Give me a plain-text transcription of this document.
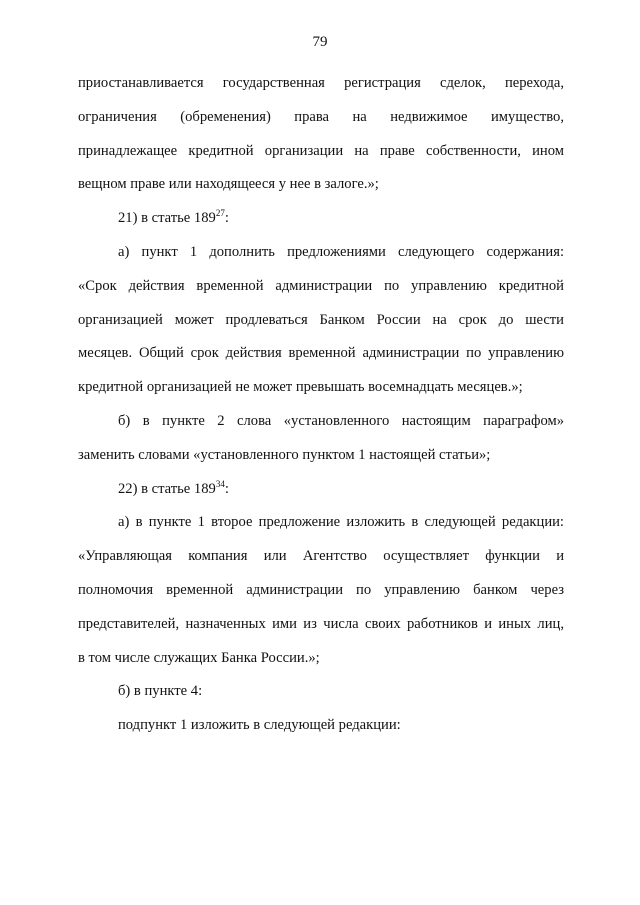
79
приостанавливается государственная регистрация сделок, перехода,
ограничения (обременения) права на недвижимое имущество,
принадлежащее кредитной организации на праве собственности, ином
вещном праве или находящееся у нее в залоге.»;
21) в статье $189^{27}$:
а) пункт 1 дополнить предложениями следующего содержания:
«Срок действия временной администрации по управлению кредитной
организацией может продлеваться Банком России на срок до шести
месяцев. Общий срок действия временной администрации по управлению
кредитной организацией не может превышать восемнадцать месяцев.»;
б) в пункте 2 слова «установленного настоящим параграфом»
заменить словами «установленного пунктом 1 настоящей статьи»;
22) в статье $189^{34}$:
а) в пункте 1 второе предложение изложить в следующей редакции:
«Управляющая компания или Агентство осуществляет функции и
полномочия временной администрации по управлению банком через
представителей, назначенных ими из числа своих работников и иных лиц,
в том числе служащих Банка России.»;
б) в пункте 4:
подпункт 1 изложить в следующей редакции:
